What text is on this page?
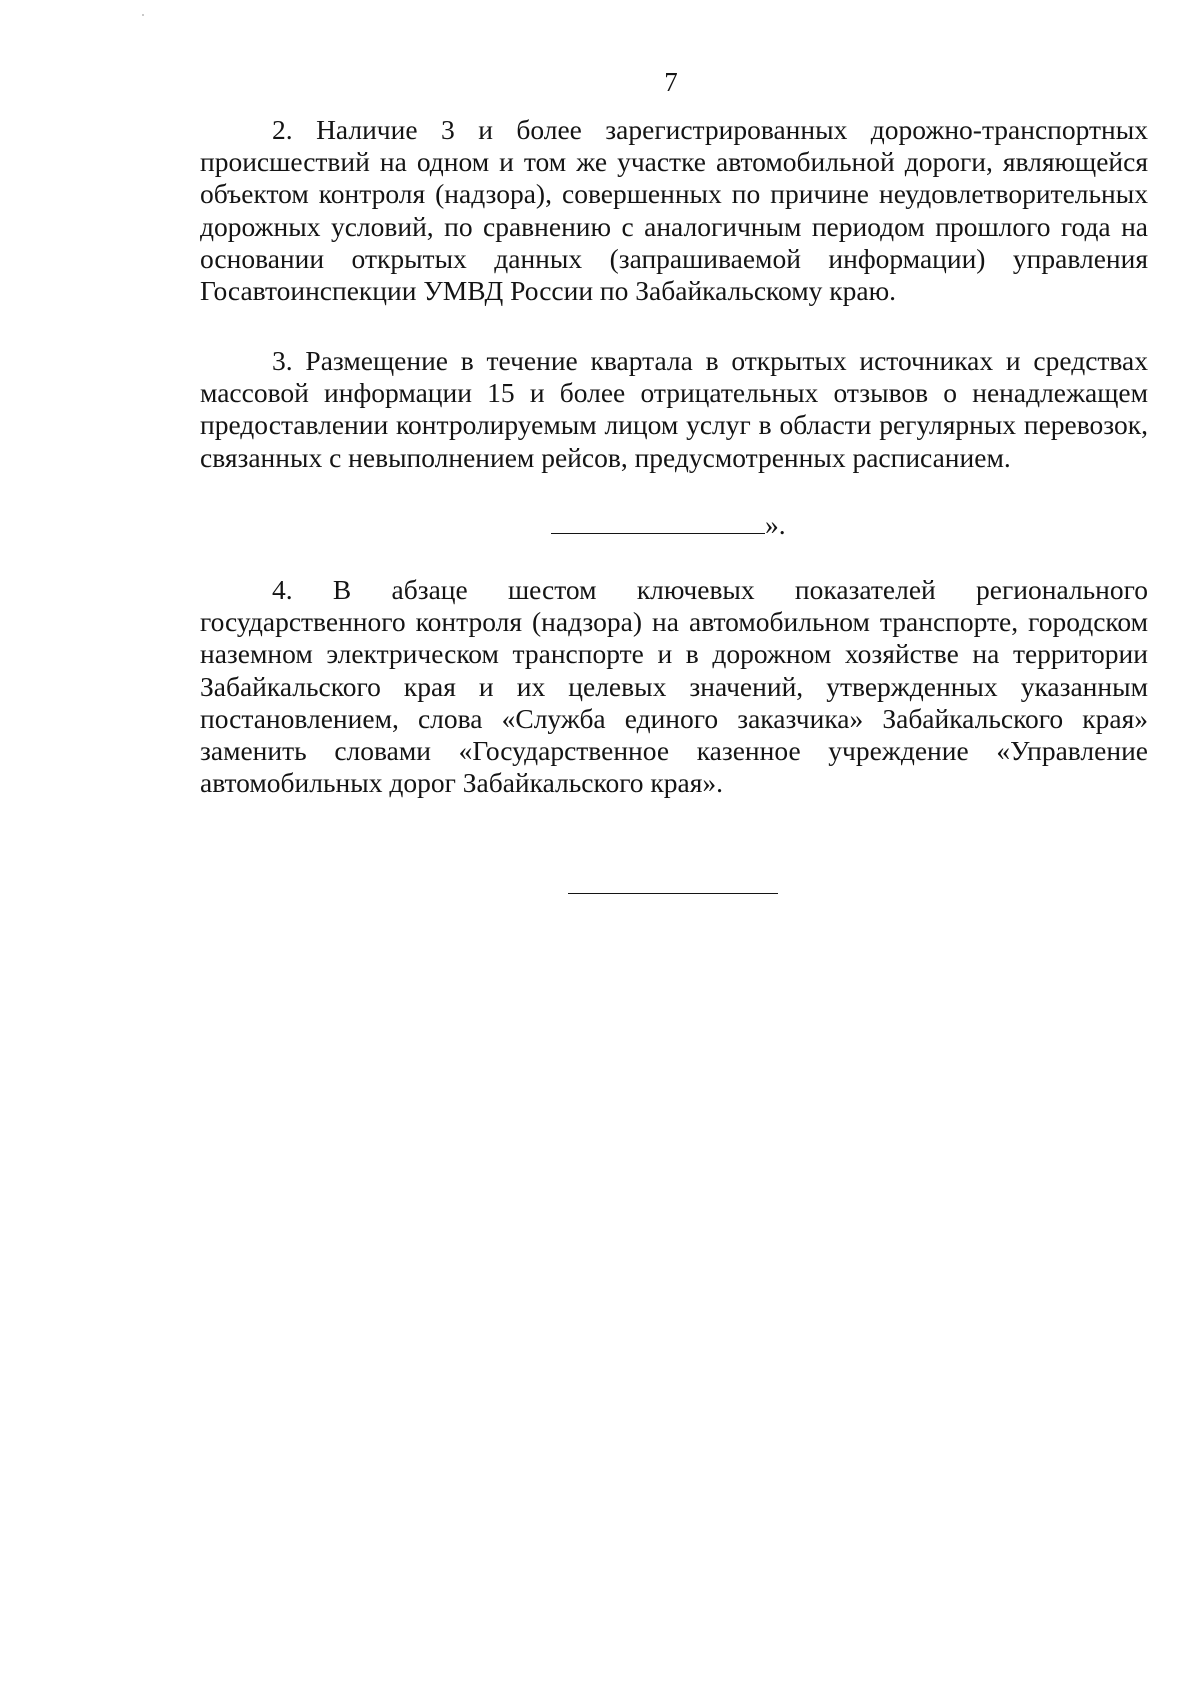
7

2. Наличие 3 и более зарегистрированных дорожно-транспортных происшествий на одном и том же участке автомобильной дороги, являющейся объектом контроля (надзора), совершенных по причине неудовлетворительных дорожных условий, по сравнению с аналогичным периодом прошлого года на основании открытых данных (запрашиваемой информации) управления Госавтоинспекции УМВД России по Забайкальскому краю.

3. Размещение в течение квартала в открытых источниках и средствах массовой информации 15 и более отрицательных отзывов о ненадлежащем предоставлении контролируемым лицом услуг в области регулярных перевозок, связанных с невыполнением рейсов, предусмотренных расписанием.

».

4. В абзаце шестом ключевых показателей регионального государственного контроля (надзора) на автомобильном транспорте, городском наземном электрическом транспорте и в дорожном хозяйстве на территории Забайкальского края и их целевых значений, утвержденных указанным постановлением, слова «Служба единого заказчика» Забайкальского края» заменить словами «Государственное казенное учреждение «Управление автомобильных дорог Забайкальского края».
